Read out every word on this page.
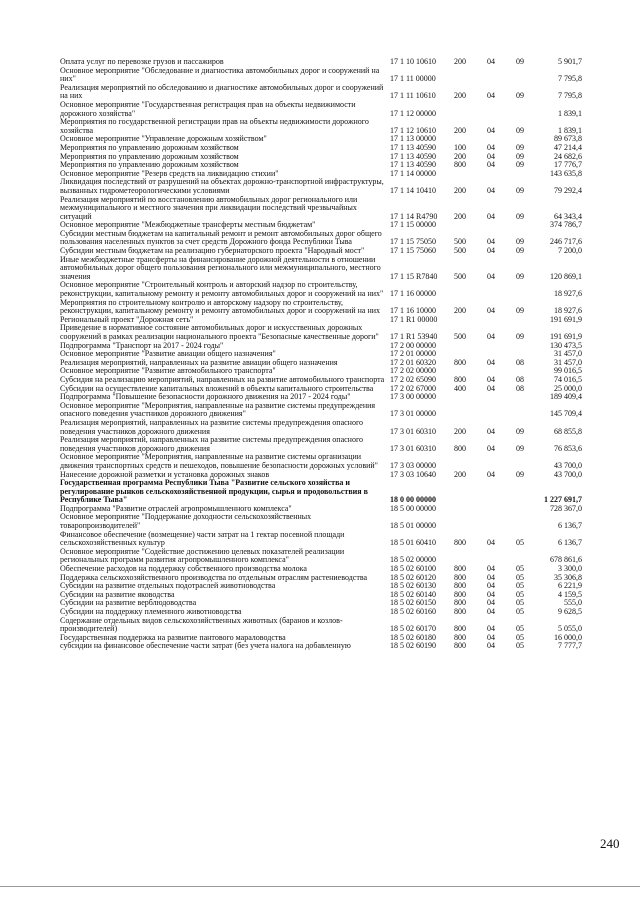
Оплата услуг по перевозке грузов и пассажиров	17 1 10 10610 200	04	09	5 901,7
Основное мероприятие "Обследование и диагностика автомобильных дорог и сооружений на них"	17 1 11 00000	7 795,8
Реализация мероприятий по обследованию и диагностике автомобильных дорог и сооружений на них	17 1 11 10610 200	04	09	7 795,8
Основное мероприятие "Государственная регистрация прав на объекты недвижимости дорожного хозяйства"	17 1 12 00000	1 839,1
Мероприятия по государственной регистрации прав на объекты недвижимости дорожного хозяйства	17 1 12 10610 200	04	09	1 839,1
Основное мероприятие "Управление дорожным хозяйством"	17 1 13 00000	89 673,8
Мероприятия по управлению дорожным хозяйством	17 1 13 40590 100	04	09	47 214,4
Мероприятия по управлению дорожным хозяйством	17 1 13 40590 200	04	09	24 682,6
Мероприятия по управлению дорожным хозяйством	17 1 13 40590 800	04	09	17 776,7
Основное мероприятие "Резерв средств на ликвидацию стихии"	17 1 14 00000	143 635,8
Ликвидация последствий от разрушений на объектах дорожно-транспортной инфраструктуры, вызванных гидрометеорологическими условиями	17 1 14 10410 200	04	09	79 292,4
Реализация мероприятий по восстановлению автомобильных дорог регионального или межмуниципального и местного значения при ликвидации последствий чрезвычайных ситуаций	17 1 14 R4790 200	04	09	64 343,4
Основное мероприятие "Межбюджетные трансферты местным бюджетам"	17 1 15 00000	374 786,7
Субсидии местным бюджетам на капитальный ремонт и ремонт автомобильных дорог общего пользования населенных пунктов за счет средств Дорожного фонда Республики Тыва	17 1 15 75050 500	04	09	246 717,6
Субсидии местным бюджетам на реализацию губернаторского проекта "Народный мост"	17 1 15 75060 500	04	09	7 200,0
Иные межбюджетные трансферты на финансирование дорожной деятельности в отношении автомобильных дорог общего пользования регионального или межмуниципального, местного значения	17 1 15 R7840 500	04	09	120 869,1
Основное мероприятие "Строительный контроль и авторский надзор по строительству, реконструкции, капитальному ремонту и ремонту автомобильных дорог и сооружений на них" 17 1 16 00000	18 927,6
Мероприятия по строительному контролю и авторскому надзору по строительству, реконструкции, капитальному ремонту и ремонту автомобильных дорог и сооружений на них	17 1 16 10000 200	04	09	18 927,6
Региональный проект "Дорожная сеть"	17 1 R1 00000	191 691,9
Приведение в нормативное состояние автомобильных дорог и искусственных дорожных сооружений в рамках реализации национального проекта "Безопасные качественные дороги"	17 1 R1 53940 500	04	09	191 691,9
Подпрограмма "Транспорт на 2017 - 2024 годы"	17 2 00 00000	130 473,5
Основное мероприятие "Развитие авиации общего назначения"	17 2 01 00000	31 457,0
Реализация мероприятий, направленных на развитие авиации общего назначения	17 2 01 60320 800	04	08	31 457,0
Основное мероприятие "Развитие автомобильного транспорта"	17 2 02 00000	99 016,5
Субсидия на реализацию мероприятий, направленных на развитие автомобильного транспорта 17 2 02 65090 800	04	08	74 016,5
Субсидии на осуществление капитальных вложений в объекты капитального строительства	17 2 02 67000 400	04	08	25 000,0
Подпрограмма "Повышение безопасности дорожного движения на 2017 - 2024 годы"	17 3 00 00000	189 409,4
Основное мероприятие "Мероприятия, направленные на развитие системы предупреждения опасного поведения участников дорожного движения"	17 3 01 00000	145 709,4
Реализация мероприятий, направленных на развитие системы предупреждения опасного поведения участников дорожного движения	17 3 01 60310 200	04	09	68 855,8
Реализация мероприятий, направленных на развитие системы предупреждения опасного поведения участников дорожного движения	17 3 01 60310 800	04	09	76 853,6
Основное мероприятие "Мероприятия, направленные на развитие системы организации движения транспортных средств и пешеходов, повышение безопасности дорожных условий"	17 3 03 00000	43 700,0
Нанесение дорожной разметки и установка дорожных знаков	17 3 03 10640 200	04	09	43 700,0
Государственная программа Республики Тыва "Развитие сельского хозяйства и регулирование рынков сельскохозяйственной продукции, сырья и продовольствия в Республике Тыва"	18 0 00 00000	1 227 691,7
Подпрограмма "Развитие отраслей агропромышленного комплекса"	18 5 00 00000	728 367,0
Основное мероприятие "Поддержание доходности сельскохозяйственных товаропроизводителей"	18 5 01 00000	6 136,7
Финансовое обеспечение (возмещение) части затрат на 1 гектар посевной площади сельскохозяйственных культур	18 5 01 60410 800	04	05	6 136,7
Основное мероприятие "Содействие достижению целевых показателей реализации региональных программ развития агропромышленного комплекса"	18 5 02 00000	678 861,6
Обеспечение расходов на поддержку собственного производства молока	18 5 02 60100 800	04	05	3 300,0
Поддержка сельскохозяйственного производства по отдельным отраслям растениеводства	18 5 02 60120 800	04	05	35 306,8
Субсидии на развитие отдельных подотраслей животноводства	18 5 02 60130 800	04	05	6 221,9
Субсидии на развитие яководства	18 5 02 60140 800	04	05	4 159,5
Субсидии на развитие верблюдоводства	18 5 02 60150 800	04	05	555,0
Субсидии на поддержку племенного животноводства	18 5 02 60160 800	04	05	9 628,5
Содержание отдельных видов сельскохозяйственных животных (баранов и козлов-производителей)	18 5 02 60170 800	04	05	5 055,0
Государственная поддержка на развитие пантового мараловодства	18 5 02 60180 800	04	05	16 000,0
субсидии на финансовое обеспечение части затрат (без учета налога на добавленную	18 5 02 60190 800	04	05	7 777,7
240
